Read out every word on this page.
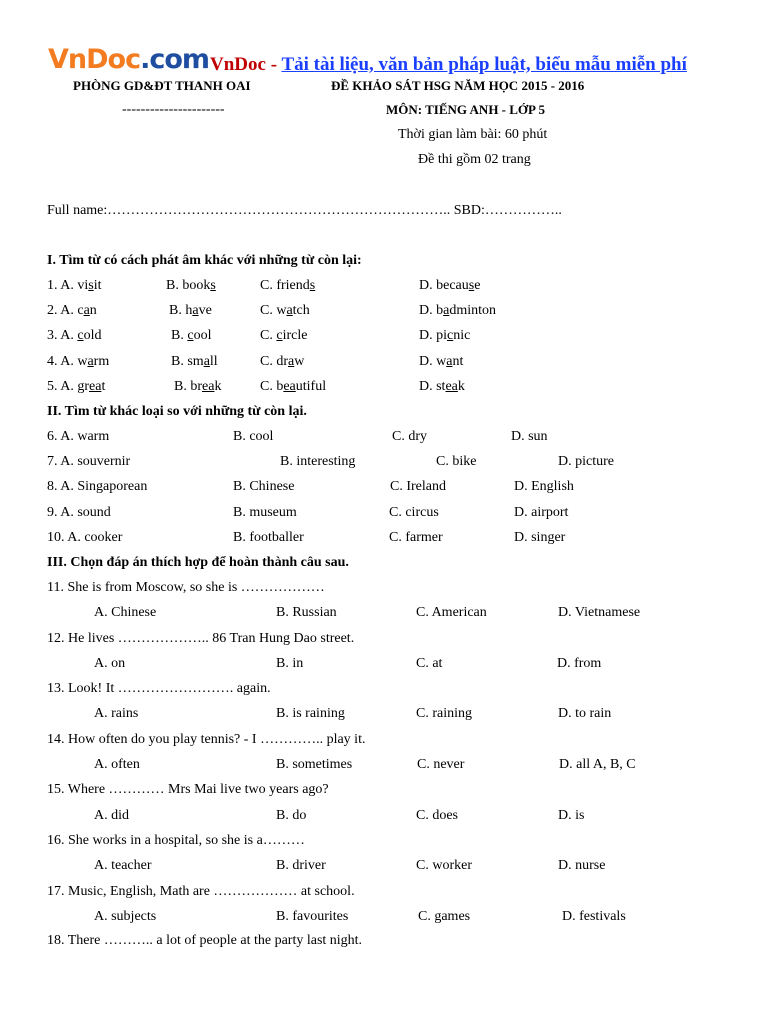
VnDoc.com VnDoc - Tải tài liệu, văn bản pháp luật, biểu mẫu miễn phí
PHÒNG GD&ĐT THANH OAI	ĐỀ KHẢO SÁT HSG NĂM HỌC 2015 - 2016
----------------------	MÔN: TIẾNG ANH - LỚP 5
Thời gian làm bài: 60 phút
Đề thi gồm 02 trang
Full name:……………………………………………………………….. SBD:……………..
I. Tìm từ có cách phát âm khác với những từ còn lại:
1. A. visit	B. books	C. friends	D. because
2. A. can	B. have	C. watch	D. badminton
3. A. cold	B. cool	C. circle	D. picnic
4. A. warm	B. small	C. draw	D. want
5. A. great	B. break	C. beautiful	D. steak
II. Tìm từ khác loại so với những từ còn lại.
6. A. warm	B. cool	C. dry	D. sun
7. A. souvernir	B. interesting	C. bike	D. picture
8. A. Singaporean	B. Chinese	C. Ireland	D. English
9. A. sound	B. museum	C. circus	D. airport
10. A. cooker	B. footballer	C. farmer	D. singer
III. Chọn đáp án thích hợp để hoàn thành câu sau.
11. She is from Moscow, so she is ………………
A. Chinese	B. Russian	C. American	D. Vietnamese
12. He lives ……………….. 86 Tran Hung Dao street.
A. on	B. in	C. at	D. from
13. Look! It ……………………. again.
A. rains	B. is raining	C. raining	D. to rain
14. How often do you play tennis? - I ………….. play it.
A. often	B. sometimes	C. never	D. all A, B, C
15. Where ………… Mrs Mai live two years ago?
A. did	B. do	C. does	D. is
16. She works in a hospital, so she is a………
A. teacher	B. driver	C. worker	D. nurse
17. Music, English, Math are ……………… at school.
A. subjects	B. favourites	C. games	D. festivals
18. There ……….. a lot of people at the party last night.
